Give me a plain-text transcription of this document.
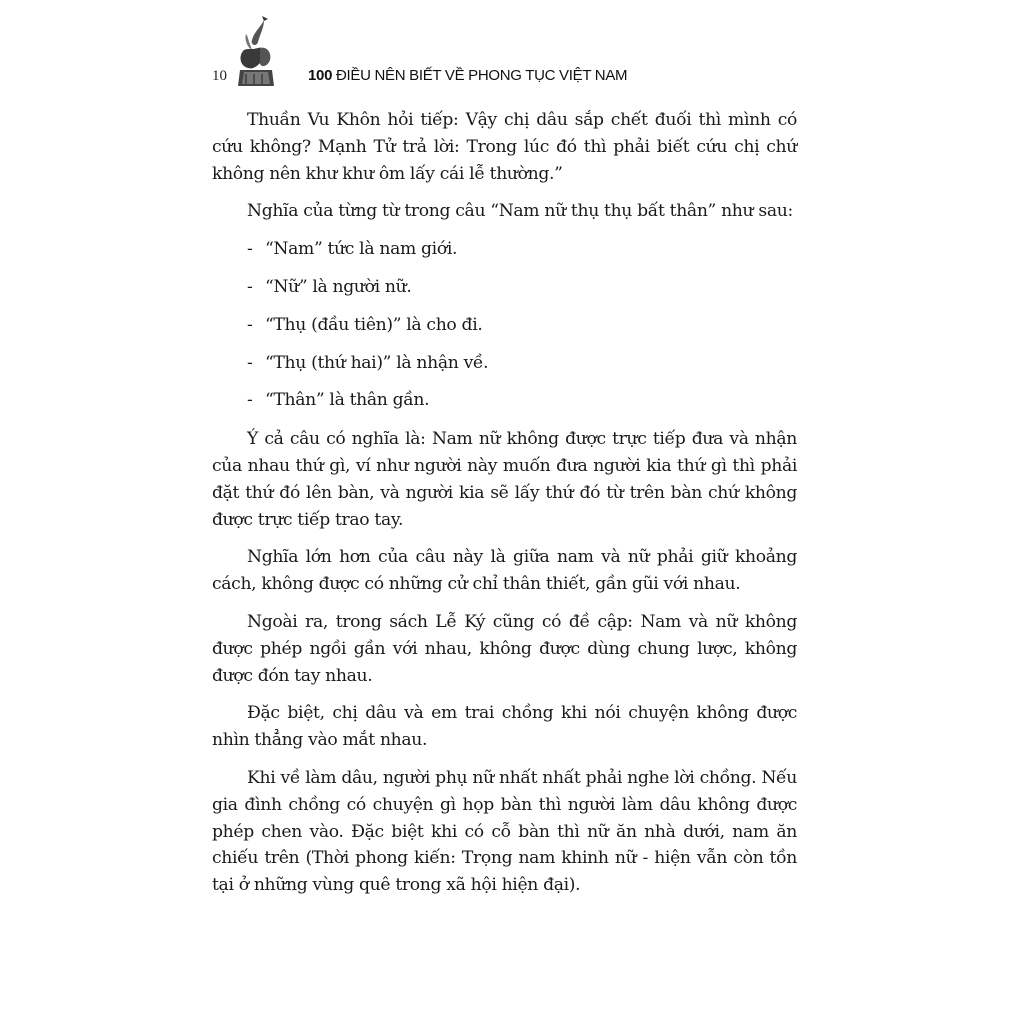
10	100 ĐIỀU NÊN BIẾT VỀ PHONG TỤC VIỆT NAM

Thuần Vu Khôn hỏi tiếp: Vậy chị dâu sắp chết đuối thì mình có cứu không? Mạnh Tử trả lời: Trong lúc đó thì phải biết cứu chị chứ không nên khư khư ôm lấy cái lễ thường.”

Nghĩa của từng từ trong câu “Nam nữ thụ thụ bất thân” như sau:

- “Nam” tức là nam giới.
- “Nữ” là người nữ.
- “Thụ (đầu tiên)” là cho đi.
- “Thụ (thứ hai)” là nhận về.
- “Thân” là thân gần.

Ý cả câu có nghĩa là: Nam nữ không được trực tiếp đưa và nhận của nhau thứ gì, ví như người này muốn đưa người kia thứ gì thì phải đặt thứ đó lên bàn, và người kia sẽ lấy thứ đó từ trên bàn chứ không được trực tiếp trao tay.

Nghĩa lớn hơn của câu này là giữa nam và nữ phải giữ khoảng cách, không được có những cử chỉ thân thiết, gần gũi với nhau.

Ngoài ra, trong sách Lễ Ký cũng có đề cập: Nam và nữ không được phép ngồi gần với nhau, không được dùng chung lược, không được đón tay nhau.

Đặc biệt, chị dâu và em trai chồng khi nói chuyện không được nhìn thẳng vào mắt nhau.

Khi về làm dâu, người phụ nữ nhất nhất phải nghe lời chồng. Nếu gia đình chồng có chuyện gì họp bàn thì người làm dâu không được phép chen vào. Đặc biệt khi có cỗ bàn thì nữ ăn nhà dưới, nam ăn chiếu trên (Thời phong kiến: Trọng nam khinh nữ - hiện vẫn còn tồn tại ở những vùng quê trong xã hội hiện đại).
